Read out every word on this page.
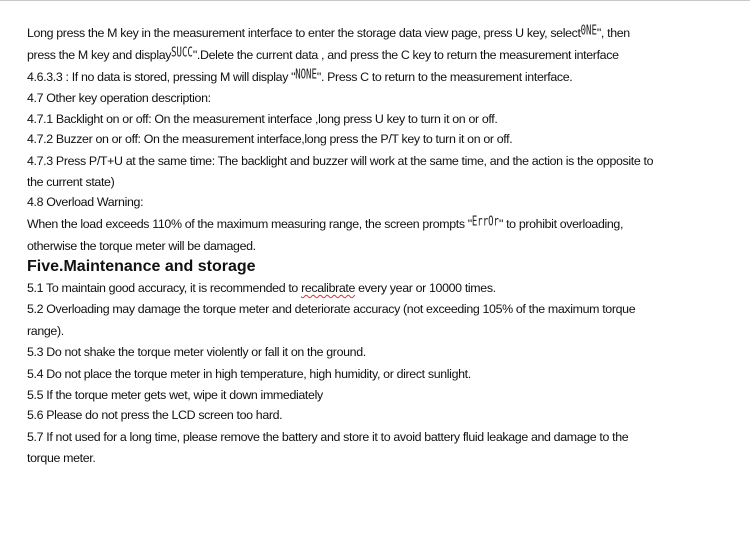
Long press the M key in the measurement interface to enter the storage data view page, press U key, select0NE", then

press the M key and displaySUCC".Delete the current data , and press the C key to return the measurement interface

4.6.3.3 : If no data is stored, pressing M will display "NONE". Press C to return to the measurement interface.

4.7 Other key operation description:

4.7.1 Backlight on or off: On the measurement interface ,long press U key to turn it on or off.

4.7.2 Buzzer on or off: On the measurement interface,long press the P/T key to turn it on or off.

4.7.3 Press P/T+U at the same time: The backlight and buzzer will work at the same time, and the action is the opposite to

the current state)

4.8 Overload Warning:

When the load exceeds 110% of the maximum measuring range, the screen prompts "ErrOr" to prohibit overloading,

otherwise the torque meter will be damaged.

Five.Maintenance and storage

5.1 To maintain good accuracy, it is recommended to recalibrate every year or 10000 times.

5.2 Overloading may damage the torque meter and deteriorate accuracy (not exceeding 105% of the maximum torque

range).

5.3 Do not shake the torque meter violently or fall it on the ground.

5.4 Do not place the torque meter in high temperature, high humidity, or direct sunlight.

5.5 If the torque meter gets wet, wipe it down immediately

5.6 Please do not press the LCD screen too hard.

5.7 If not used for a long time, please remove the battery and store it to avoid battery fluid leakage and damage to the

torque meter.
